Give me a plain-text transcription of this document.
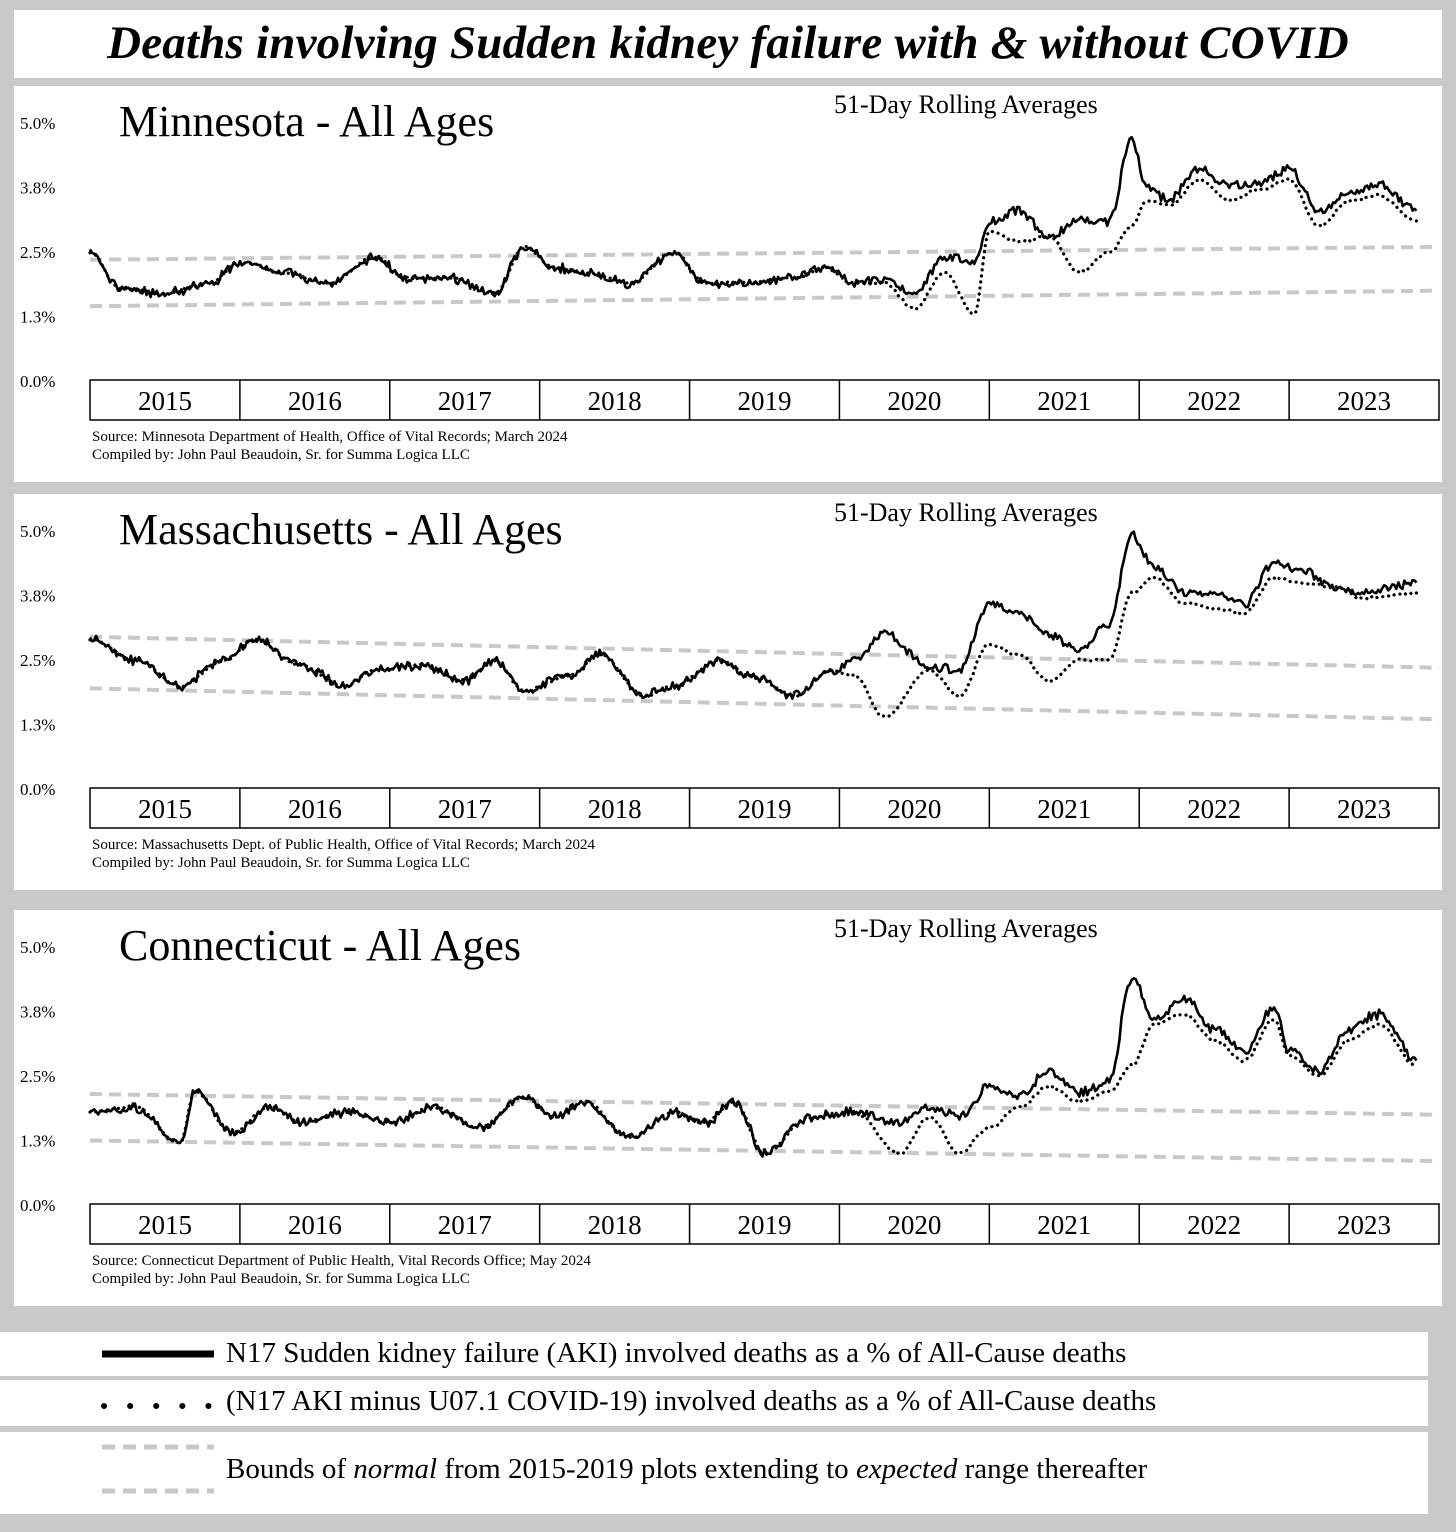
Deaths involving Sudden kidney failure with & without COVID
5.0%
3.8%
2.5%
1.3%
0.0%
Minnesota - All Ages	51-Day Rolling Averages
2015	2016	2017	2018	2019	2020	2021	2022	2023
Source: Minnesota Department of Health, Office of Vital Records; March 2024
Compiled by: John Paul Beaudoin, Sr. for Summa Logica LLC
5.0%
3.8%
2.5%
1.3%
0.0%
Massachusetts - All Ages	51-Day Rolling Averages
2015	2016	2017	2018	2019	2020	2021	2022	2023
Source: Massachusetts Dept. of Public Health, Office of Vital Records; March 2024
Compiled by: John Paul Beaudoin, Sr. for Summa Logica LLC
5.0%
3.8%
2.5%
1.3%
0.0%
Connecticut - All Ages	51-Day Rolling Averages
2015	2016	2017	2018	2019	2020	2021	2022	2023
Source: Connecticut Department of Public Health, Vital Records Office; May 2024
Compiled by: John Paul Beaudoin, Sr. for Summa Logica LLC
N17 Sudden kidney failure (AKI) involved deaths as a % of All-Cause deaths
(N17 AKI minus U07.1 COVID-19) involved deaths as a % of All-Cause deaths
Bounds of normal from 2015-2019 plots extending to expected range thereafter
